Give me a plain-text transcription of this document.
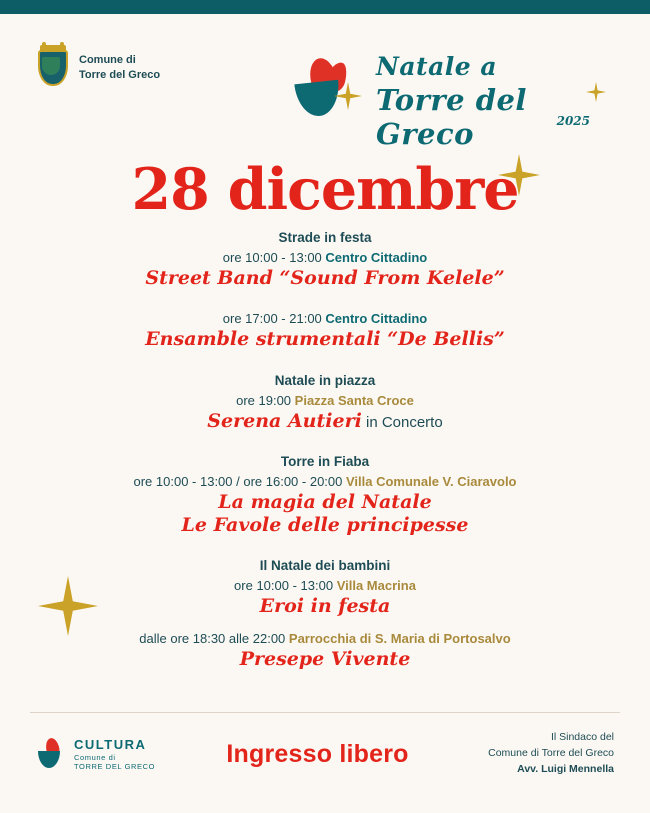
Comune di
Torre del Greco	Natale a
Torre del Greco	2025
28 dicembre
Strade in festa
ore 10:00 - 13:00 Centro Cittadino
Street Band “Sound From Kelele”
ore 17:00 - 21:00 Centro Cittadino
Ensamble strumentali “De Bellis”
Natale in piazza
ore 19:00 Piazza Santa Croce
Serena Autieri in Concerto
Torre in Fiaba
ore 10:00 - 13:00 / ore 16:00 - 20:00 Villa Comunale V. Ciaravolo
La magia del Natale
Le Favole delle principesse
Il Natale dei bambini
ore 10:00 - 13:00 Villa Macrina
Eroi in festa
dalle ore 18:30 alle 22:00 Parrocchia di S. Maria di Portosalvo
Presepe Vivente
CULTURA
Comune di
TORRE DEL GRECO	Ingresso libero
Il Sindaco del
Comune di Torre del Greco
Avv. Luigi Mennella
